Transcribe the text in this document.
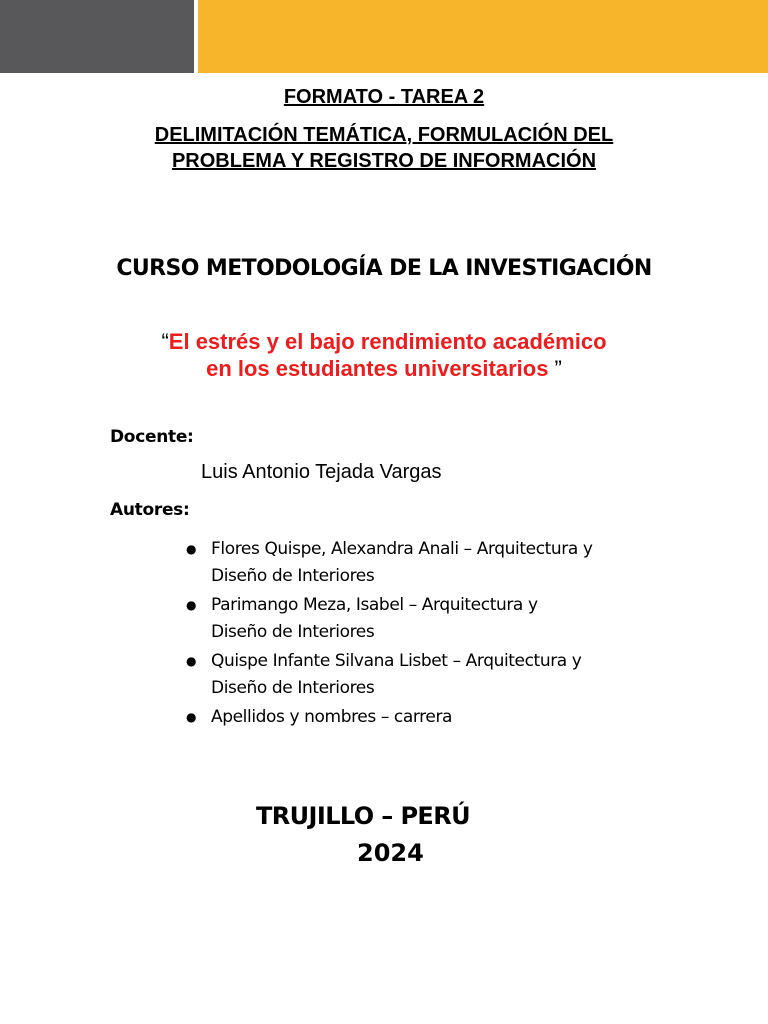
FORMATO - TAREA 2
DELIMITACIÓN TEMÁTICA, FORMULACIÓN DEL
PROBLEMA Y REGISTRO DE INFORMACIÓN
CURSO METODOLOGÍA DE LA INVESTIGACIÓN
“El estrés y el bajo rendimiento académico
en los estudiantes universitarios ”
Docente:
Luis Antonio Tejada Vargas
Autores:
● Flores Quispe, Alexandra Anali – Arquitectura y
Diseño de Interiores
● Parimango Meza, Isabel – Arquitectura y
Diseño de Interiores
● Quispe Infante Silvana Lisbet – Arquitectura y
Diseño de Interiores
● Apellidos y nombres – carrera
TRUJILLO – PERÚ
2024
